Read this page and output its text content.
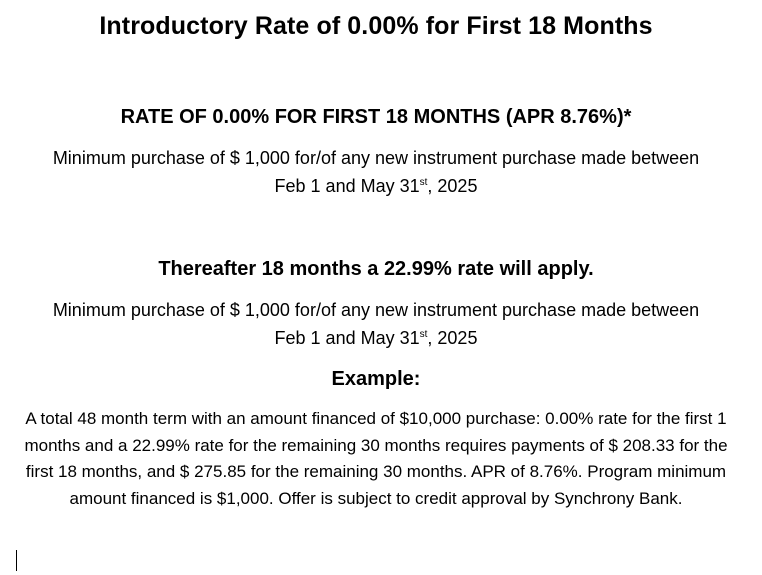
Introductory Rate of 0.00% for First 18 Months
RATE OF 0.00% FOR FIRST 18 MONTHS (APR 8.76%)*
Minimum purchase of $ 1,000 for/of any new instrument purchase made between
Feb 1 and May 31st, 2025
Thereafter 18 months a 22.99% rate will apply.
Minimum purchase of $ 1,000 for/of any new instrument purchase made between
Feb 1 and May 31st, 2025
Example:
A total 48 month term with an amount financed of $10,000 purchase: 0.00% rate for the first 1 months and a 22.99% rate for the remaining 30 months requires payments of $ 208.33 for the first 18 months, and $ 275.85 for the remaining 30 months. APR of 8.76%. Program minimum amount financed is $1,000. Offer is subject to credit approval by Synchrony Bank.
